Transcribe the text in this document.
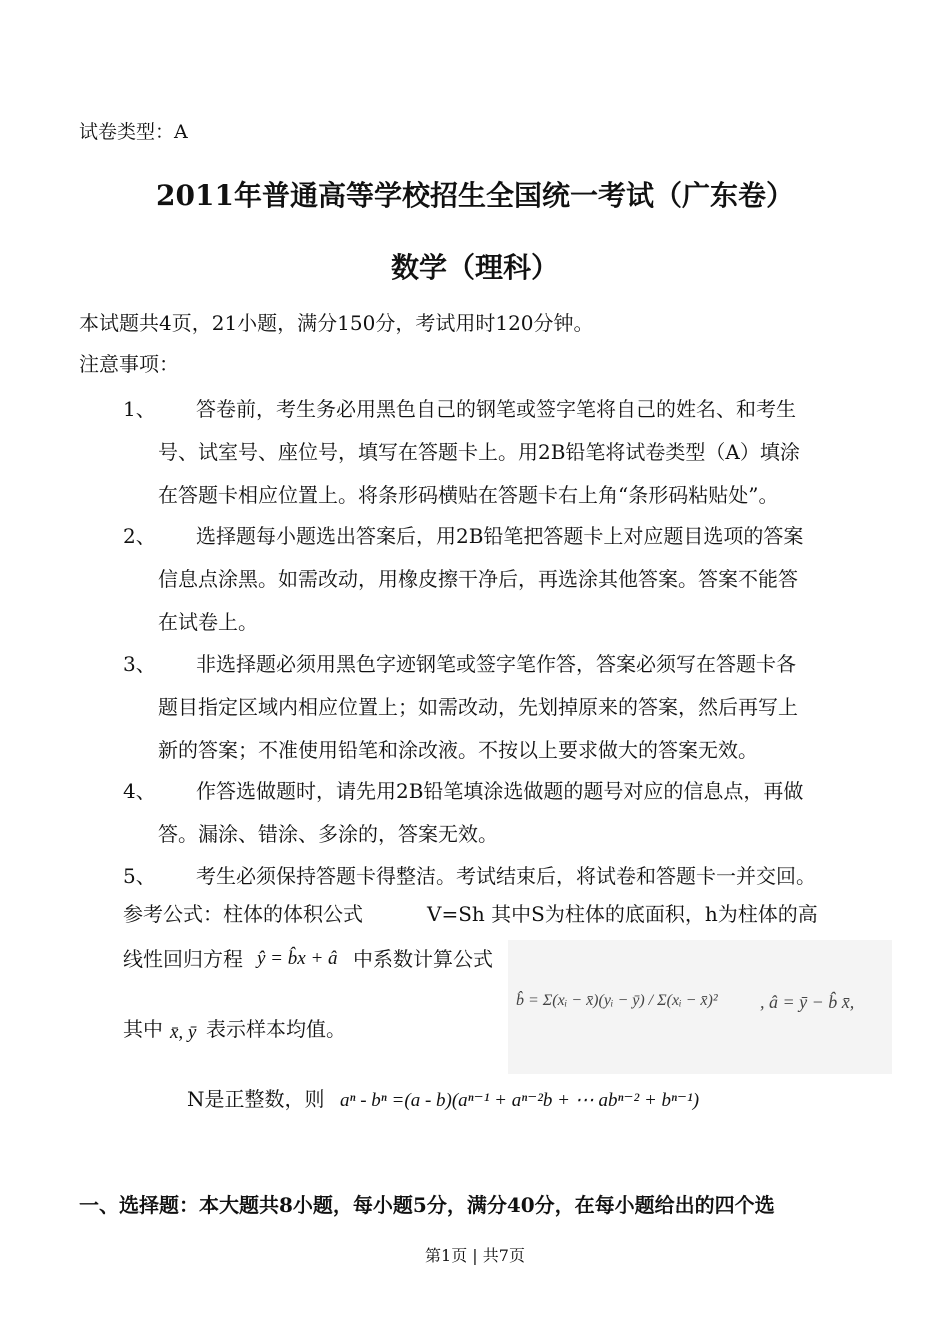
试卷类型：A
2011年普通高等学校招生全国统一考试（广东卷）
数学（理科）
本试题共4页，21小题，满分150分，考试用时120分钟。
注意事项：
1、 答卷前，考生务必用黑色自己的钢笔或签字笔将自己的姓名、和考生
号、试室号、座位号，填写在答题卡上。用2B铅笔将试卷类型（A）填涂
在答题卡相应位置上。将条形码横贴在答题卡右上角“条形码粘贴处”。
2、 选择题每小题选出答案后，用2B铅笔把答题卡上对应题目选项的答案
信息点涂黑。如需改动，用橡皮擦干净后，再选涂其他答案。答案不能答
在试卷上。
3、 非选择题必须用黑色字迹钢笔或签字笔作答，答案必须写在答题卡各
题目指定区域内相应位置上；如需改动，先划掉原来的答案，然后再写上
新的答案；不准使用铅笔和涂改液。不按以上要求做大的答案无效。
4、 作答选做题时，请先用2B铅笔填涂选做题的题号对应的信息点，再做
答。漏涂、错涂、多涂的，答案无效。
5、 考生必须保持答题卡得整洁。考试结束后，将试卷和答题卡一并交回。
参考公式：柱体的体积公式	V=Sh 其中S为柱体的底面积，h为柱体的高
线性回归方程 ŷ = b̂x + â 中系数计算公式
b̂ = Σ(xᵢ − x̄)(yᵢ − ȳ) / Σ(xᵢ − x̄)² , â = ȳ − b̂ x̄,
其中 x̄, ȳ 表示样本均值。
N是正整数，则 aⁿ - bⁿ =(a - b)(aⁿ⁻¹ + aⁿ⁻²b + ⋯ abⁿ⁻² + bⁿ⁻¹)
一、选择题：本大题共8小题，每小题5分，满分40分，在每小题给出的四个选
第1页 | 共7页
